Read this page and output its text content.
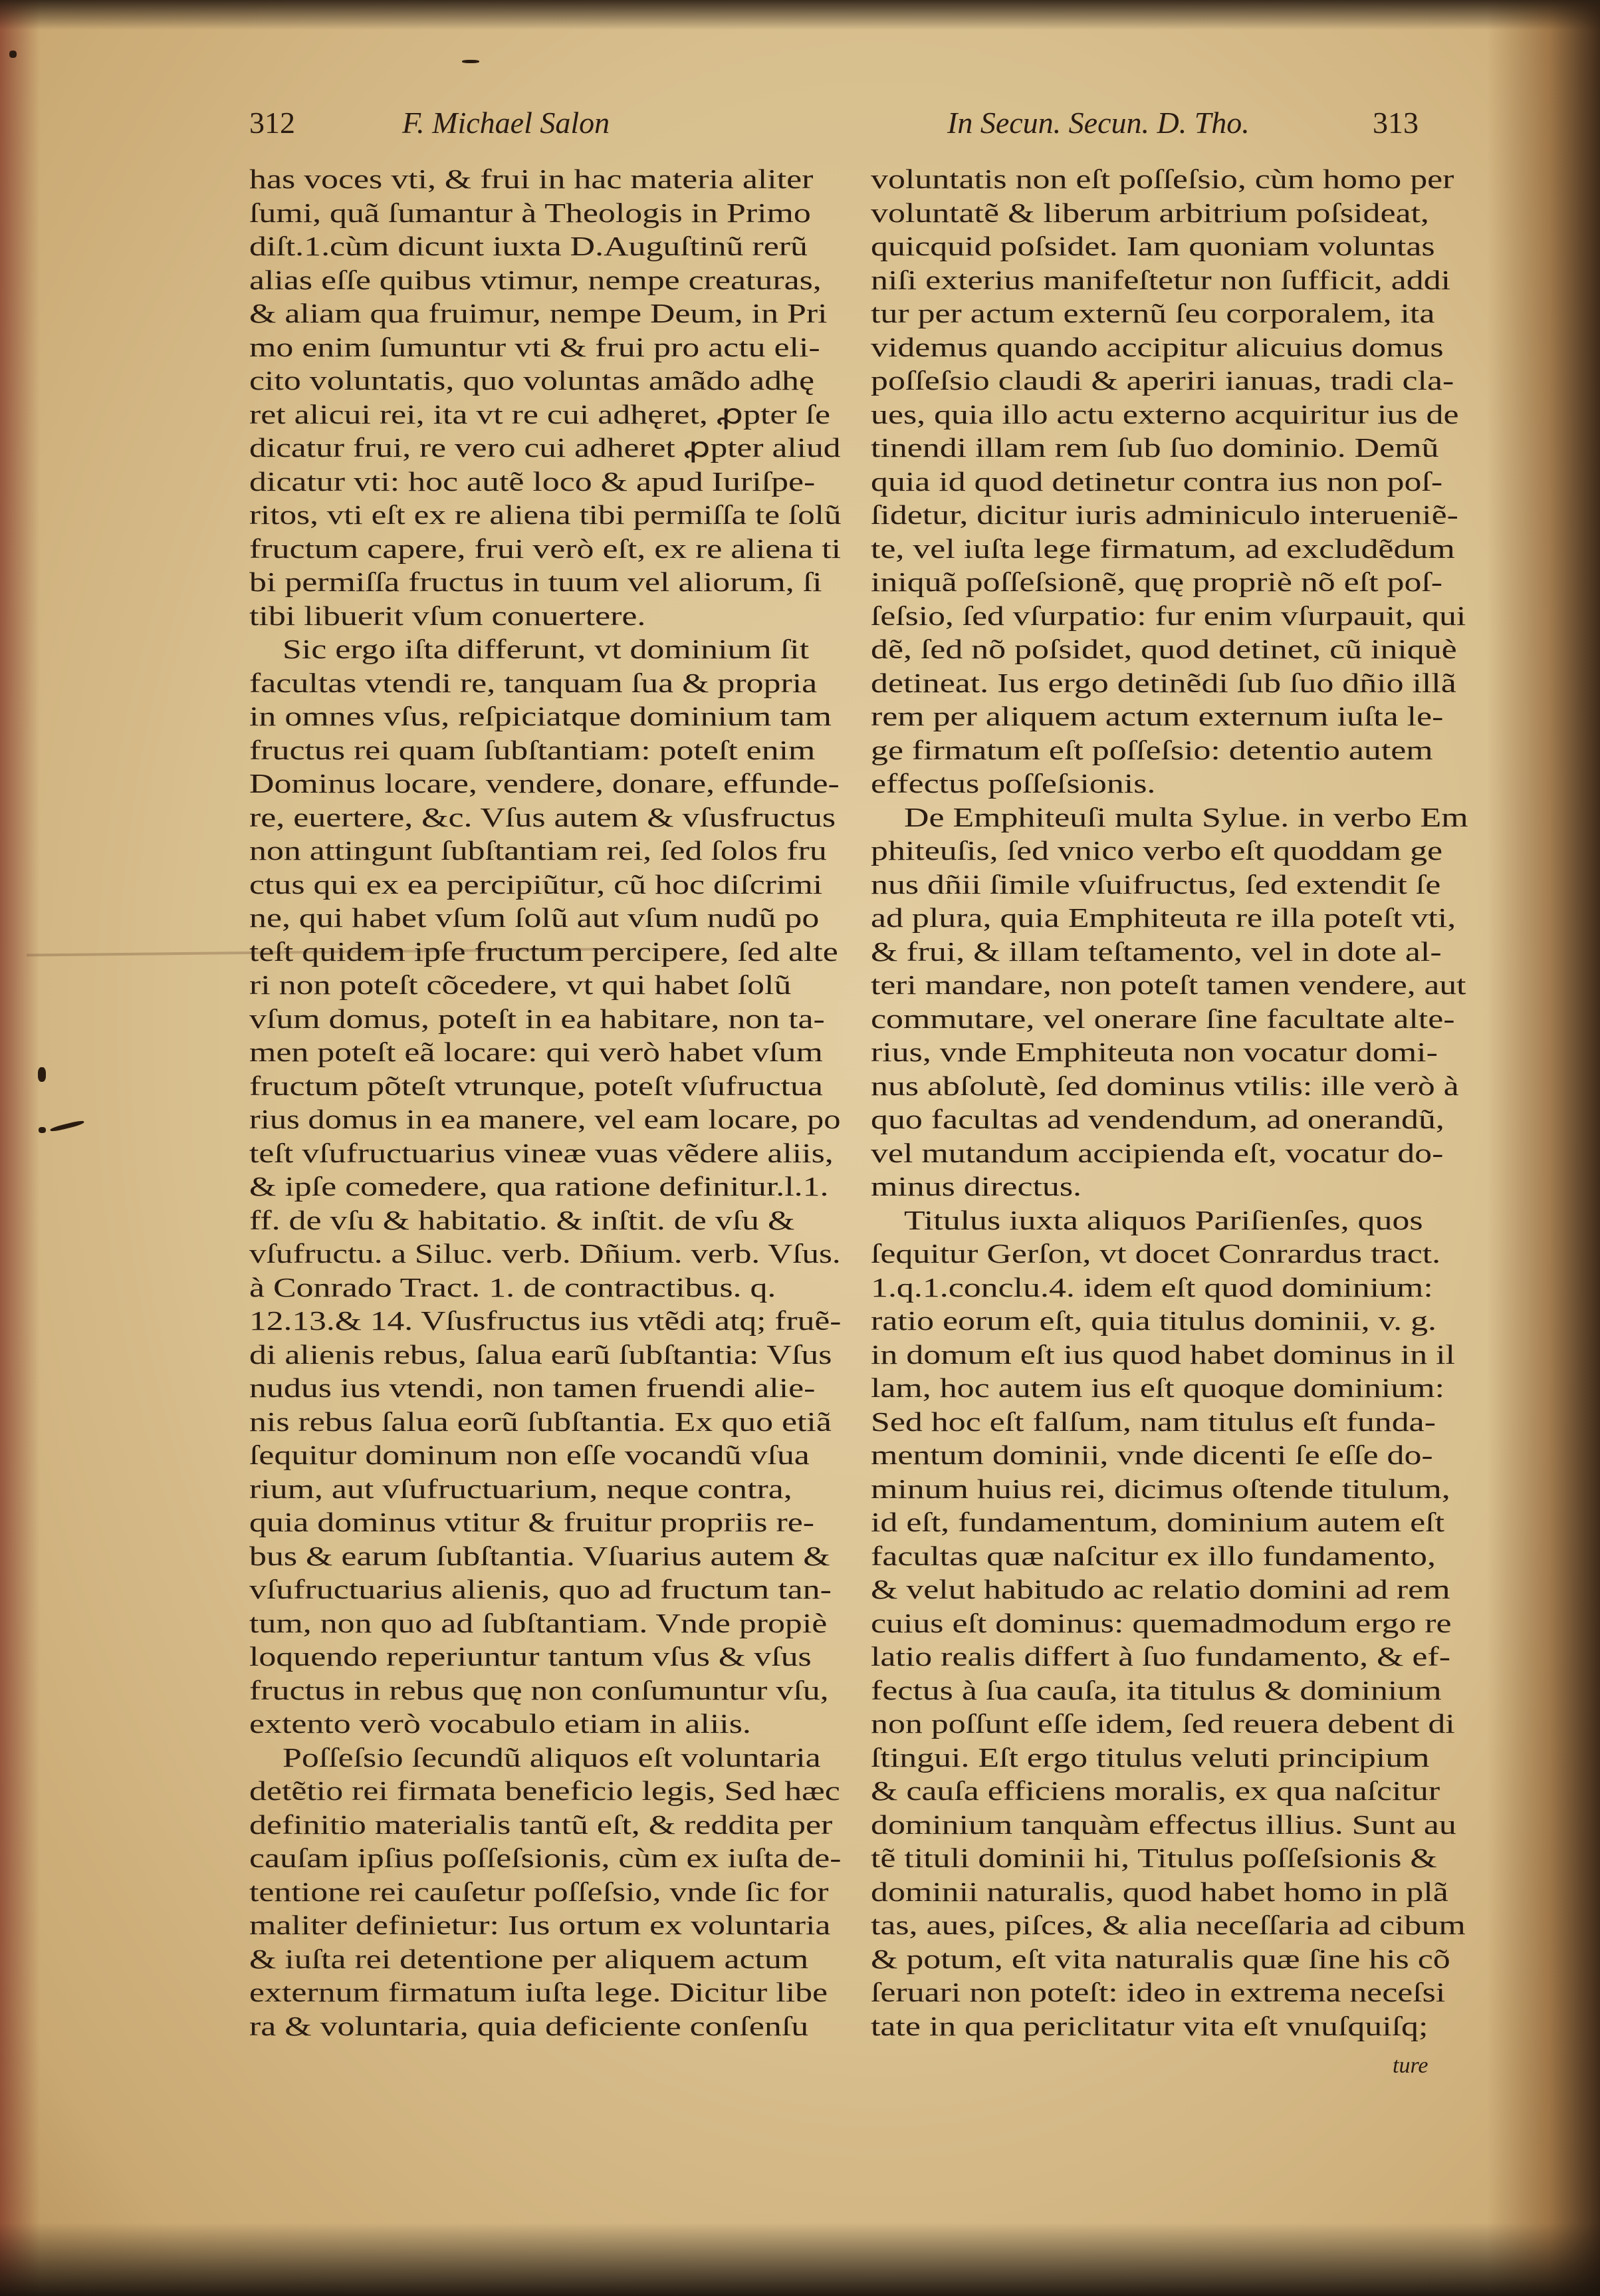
312	F. Michael Salon	In Secun. Secun. D. Tho.	313
has voces vti, & frui in hac materia aliter
ſumi, quã ſumantur à Theologis in Primo
diſt.1.cùm dicunt iuxta D.Auguſtinũ rerũ
alias eſſe quibus vtimur, nempe creaturas,
& aliam qua fruimur, nempe Deum, in Pri
mo enim ſumuntur vti & frui pro actu eli-
cito voluntatis, quo voluntas amãdo adhę
ret alicui rei, ita vt re cui adhęret, ꝓpter ſe
dicatur frui, re vero cui adheret ꝓpter aliud
dicatur vti: hoc autẽ loco & apud Iuriſpe-
ritos, vti eſt ex re aliena tibi permiſſa te ſolũ
fructum capere, frui verò eſt, ex re aliena ti
bi permiſſa fructus in tuum vel aliorum, ſi
tibi libuerit vſum conuertere.
Sic ergo iſta differunt, vt dominium ſit
facultas vtendi re, tanquam ſua & propria
in omnes vſus, reſpiciatque dominium tam
fructus rei quam ſubſtantiam: poteſt enim
Dominus locare, vendere, donare, effunde-
re, euertere, &c. Vſus autem & vſusfructus
non attingunt ſubſtantiam rei, ſed ſolos fru
ctus qui ex ea percipiũtur, cũ hoc diſcrimi
ne, qui habet vſum ſolũ aut vſum nudũ po
teſt quidem ipſe fructum percipere, ſed alte
ri non poteſt cõcedere, vt qui habet ſolũ
vſum domus, poteſt in ea habitare, non ta-
men poteſt eã locare: qui verò habet vſum
fructum põteſt vtrunque, poteſt vſufructua
rius domus in ea manere, vel eam locare, po
teſt vſufructuarius vineæ vuas vẽdere aliis,
& ipſe comedere, qua ratione definitur.l.1.
ff. de vſu & habitatio. & inſtit. de vſu &
vſufructu. a Siluc. verb. Dñium. verb. Vſus.
à Conrado Tract. 1. de contractibus. q.
12.13.& 14. Vſusfructus ius vtẽdi atq; fruẽ-
di alienis rebus, ſalua earũ ſubſtantia: Vſus
nudus ius vtendi, non tamen fruendi alie-
nis rebus ſalua eorũ ſubſtantia. Ex quo etiã
ſequitur dominum non eſſe vocandũ vſua
rium, aut vſufructuarium, neque contra,
quia dominus vtitur & fruitur propriis re-
bus & earum ſubſtantia. Vſuarius autem &
vſufructuarius alienis, quo ad fructum tan-
tum, non quo ad ſubſtantiam. Vnde propiè
loquendo reperiuntur tantum vſus & vſus
fructus in rebus quę non conſumuntur vſu,
extento verò vocabulo etiam in aliis.
Poſſeſsio ſecundũ aliquos eſt voluntaria
detẽtio rei firmata beneficio legis, Sed hæc
definitio materialis tantũ eſt, & reddita per
cauſam ipſius poſſeſsionis, cùm ex iuſta de-
tentione rei cauſetur poſſeſsio, vnde ſic for
maliter definietur: Ius ortum ex voluntaria
& iuſta rei detentione per aliquem actum
externum firmatum iuſta lege. Dicitur libe
ra & voluntaria, quia deficiente conſenſu
voluntatis non eſt poſſeſsio, cùm homo per
voluntatẽ & liberum arbitrium poſsideat,
quicquid poſsidet. Iam quoniam voluntas
niſi exterius manifeſtetur non ſufficit, addi
tur per actum externũ ſeu corporalem, ita
videmus quando accipitur alicuius domus
poſſeſsio claudi & aperiri ianuas, tradi cla-
ues, quia illo actu externo acquiritur ius de
tinendi illam rem ſub ſuo dominio. Demũ
quia id quod detinetur contra ius non poſ-
ſidetur, dicitur iuris adminiculo interueniẽ-
te, vel iuſta lege firmatum, ad excludẽdum
iniquã poſſeſsionẽ, quę propriè nõ eſt poſ-
ſeſsio, ſed vſurpatio: fur enim vſurpauit, qui
dẽ, ſed nõ poſsidet, quod detinet, cũ iniquè
detineat. Ius ergo detinẽdi ſub ſuo dñio illã
rem per aliquem actum externum iuſta le-
ge firmatum eſt poſſeſsio: detentio autem
effectus poſſeſsionis.
De Emphiteuſi multa Sylue. in verbo Em
phiteuſis, ſed vnico verbo eſt quoddam ge
nus dñii ſimile vſuifructus, ſed extendit ſe
ad plura, quia Emphiteuta re illa poteſt vti,
& frui, & illam teſtamento, vel in dote al-
teri mandare, non poteſt tamen vendere, aut
commutare, vel onerare ſine facultate alte-
rius, vnde Emphiteuta non vocatur domi-
nus abſolutè, ſed dominus vtilis: ille verò à
quo facultas ad vendendum, ad onerandũ,
vel mutandum accipienda eſt, vocatur do-
minus directus.
Titulus iuxta aliquos Pariſienſes, quos
ſequitur Gerſon, vt docet Conrardus tract.
1.q.1.conclu.4. idem eſt quod dominium:
ratio eorum eſt, quia titulus dominii, v. g.
in domum eſt ius quod habet dominus in il
lam, hoc autem ius eſt quoque dominium:
Sed hoc eſt falſum, nam titulus eſt funda-
mentum dominii, vnde dicenti ſe eſſe do-
minum huius rei, dicimus oſtende titulum,
id eſt, fundamentum, dominium autem eſt
facultas quæ naſcitur ex illo fundamento,
& velut habitudo ac relatio domini ad rem
cuius eſt dominus: quemadmodum ergo re
latio realis differt à ſuo fundamento, & ef-
fectus à ſua cauſa, ita titulus & dominium
non poſſunt eſſe idem, ſed reuera debent di
ſtingui. Eſt ergo titulus veluti principium
& cauſa efficiens moralis, ex qua naſcitur
dominium tanquàm effectus illius. Sunt au
tẽ tituli dominii hi, Titulus poſſeſsionis &
dominii naturalis, quod habet homo in plã
tas, aues, piſces, & alia neceſſaria ad cibum
& potum, eſt vita naturalis quæ ſine his cõ
ſeruari non poteſt: ideo in extrema neceſsi
tate in qua periclitatur vita eſt vnuſquiſq;
ture
